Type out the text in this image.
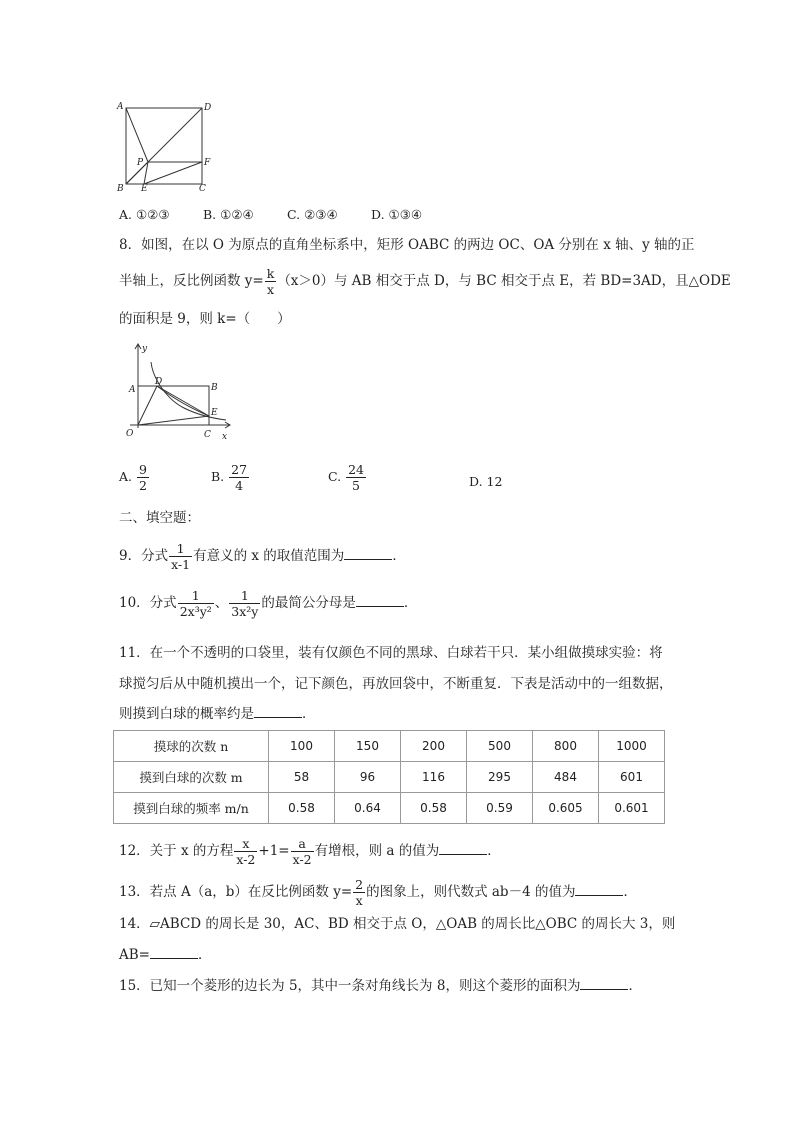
A	D
P	F
B E	C
A. ①②③	B. ①②④	C. ②③④	D. ①③④
8．如图，在以 O 为原点的直角坐标系中，矩形 OABC 的两边 OC、OA 分别在 x 轴、y 轴的正
半轴上，反比例函数 $y= \frac{k}{x} (x>0)$与 AB 相交于点 D，与 BC 相交于点 E，若 BD=3AD，且△ODE
的面积是 9，则 k=（　　）
y
x
A
D
B
E
O	C
A. $\frac{9}{2}$	B. $\frac{27}{4}$	C. $\frac{24}{5}$	D. 12
二、填空题：
9．分式 $\frac{1}{x-1}$ 有意义的 x 的取值范围为	．
10．分式 $\frac{1}{\text{2x³y²}}$ 、 $\frac{1}{\text{3x²y}}$ 的最简公分母是	．
11．在一个不透明的口袋里，装有仅颜色不同的黑球、白球若干只．某小组做摸球实验：将
球搅匀后从中随机摸出一个，记下颜色，再放回袋中，不断重复．下表是活动中的一组数据，
则摸到白球的概率约是	．
摸球的次数 n	100	150	200	500	800	1000
摸到白球的次数 m	58	96	116	295	484	601
摸到白球的频率 m/n	0.58	0.64	0.58	0.59	0.605	0.601
12．关于 x 的方程 $\frac{x}{x-2} +1= \frac{a}{x-2}$ 有增根，则 a 的值为	．
13．若点 A（a，b）在反比例函数 $y= \frac{2}{x}$ 的图象上，则代数式 ab－4 的值为	．
14．▱ABCD 的周长是 30，AC、BD 相交于点 O，△OAB 的周长比△OBC 的周长大 3，则
AB=	．
15．已知一个菱形的边长为 5，其中一条对角线长为 8，则这个菱形的面积为	．
